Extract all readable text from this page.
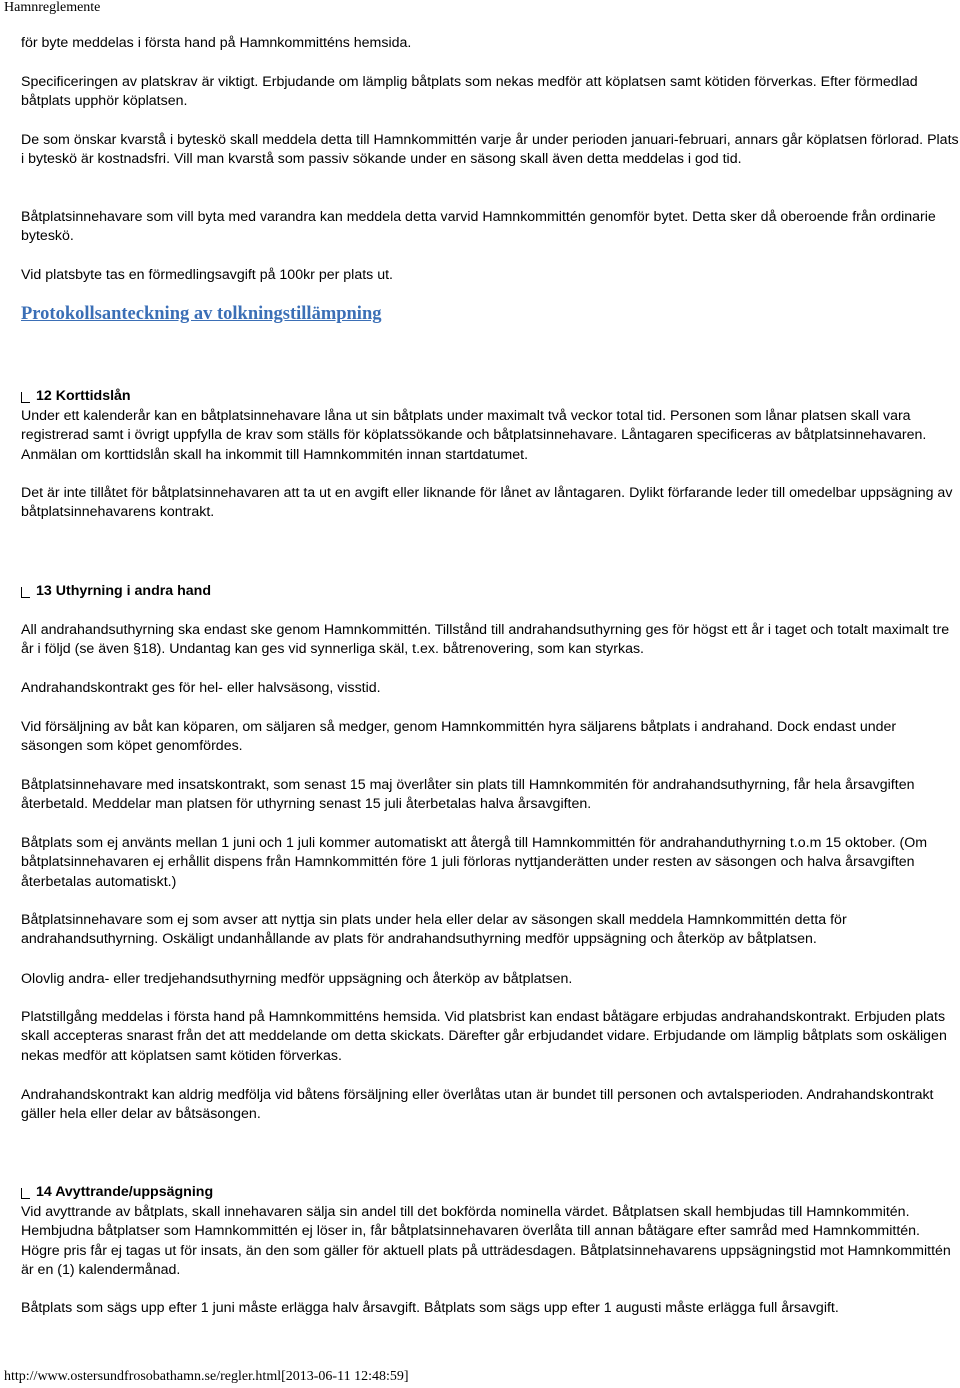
Hamnreglemente

för byte meddelas i första hand på Hamnkommitténs hemsida.

Specificeringen av platskrav är viktigt. Erbjudande om lämplig båtplats som nekas medför att köplatsen samt kötiden förverkas. Efter förmedlad båtplats upphör köplatsen.

De som önskar kvarstå i byteskö skall meddela detta till Hamnkommittén varje år under perioden januari-februari, annars går köplatsen förlorad. Plats i byteskö är kostnadsfri. Vill man kvarstå som passiv sökande under en säsong skall även detta meddelas i god tid.

Båtplatsinnehavare som vill byta med varandra kan meddela detta varvid Hamnkommittén genomför bytet. Detta sker då oberoende från ordinarie byteskö.

Vid platsbyte tas en förmedlingsavgift på 100kr per plats ut.

Protokollsanteckning av tolkningstillämpning
12 Korttidslån

Under ett kalenderår kan en båtplatsinnehavare låna ut sin båtplats under maximalt två veckor total tid. Personen som lånar platsen skall vara registrerad samt i övrigt uppfylla de krav som ställs för köplatssökande och båtplatsinnehavare. Låntagaren specificeras av båtplatsinnehavaren. Anmälan om korttidslån skall ha inkommit till Hamnkommitén innan startdatumet.

Det är inte tillåtet för båtplatsinnehavaren att ta ut en avgift eller liknande för lånet av låntagaren. Dylikt förfarande leder till omedelbar uppsägning av båtplatsinnehavarens kontrakt.

13 Uthyrning i andra hand

All andrahandsuthyrning ska endast ske genom Hamnkommittén. Tillstånd till andrahandsuthyrning ges för högst ett år i taget och totalt maximalt tre år i följd (se även §18). Undantag kan ges vid synnerliga skäl, t.ex. båtrenovering, som kan styrkas.

Andrahandskontrakt ges för hel- eller halvsäsong, visstid.

Vid försäljning av båt kan köparen, om säljaren så medger, genom Hamnkommittén hyra säljarens båtplats i andrahand. Dock endast under säsongen som köpet genomfördes.

Båtplatsinnehavare med insatskontrakt, som senast 15 maj överlåter sin plats till Hamnkommitén för andrahandsuthyrning, får hela årsavgiften återbetald. Meddelar man platsen för uthyrning senast 15 juli återbetalas halva årsavgiften.

Båtplats som ej använts mellan 1 juni och 1 juli kommer automatiskt att återgå till Hamnkommittén för andrahanduthyrning t.o.m 15 oktober. (Om båtplatsinnehavaren ej erhållit dispens från Hamnkommittén före 1 juli förloras nyttjanderätten under resten av säsongen och halva årsavgiften återbetalas automatiskt.)

Båtplatsinnehavare som ej som avser att nyttja sin plats under hela eller delar av säsongen skall meddela Hamnkommittén detta för andrahandsuthyrning. Oskäligt undanhållande av plats för andrahandsuthyrning medför uppsägning och återköp av båtplatsen.

Olovlig andra- eller tredjehandsuthyrning medför uppsägning och återköp av båtplatsen.

Platstillgång meddelas i första hand på Hamnkommitténs hemsida. Vid platsbrist kan endast båtägare erbjudas andrahandskontrakt. Erbjuden plats skall accepteras snarast från det att meddelande om detta skickats. Därefter går erbjudandet vidare. Erbjudande om lämplig båtplats som oskäligen nekas medför att köplatsen samt kötiden förverkas.

Andrahandskontrakt kan aldrig medfölja vid båtens försäljning eller överlåtas utan är bundet till personen och avtalsperioden. Andrahandskontrakt gäller hela eller delar av båtsäsongen.

14 Avyttrande/uppsägning

Vid avyttrande av båtplats, skall innehavaren sälja sin andel till det bokförda nominella värdet. Båtplatsen skall hembjudas till Hamnkommitén. Hembjudna båtplatser som Hamnkommittén ej löser in, får båtplatsinnehavaren överlåta till annan båtägare efter samråd med Hamnkommittén. Högre pris får ej tagas ut för insats, än den som gäller för aktuell plats på utträdesdagen. Båtplatsinnehavarens uppsägningstid mot Hamnkommittén är en (1) kalendermånad.

Båtplats som sägs upp efter 1 juni måste erlägga halv årsavgift. Båtplats som sägs upp efter 1 augusti måste erlägga full årsavgift.

http://www.ostersundfrosobathamn.se/regler.html[2013-06-11 12:48:59]
